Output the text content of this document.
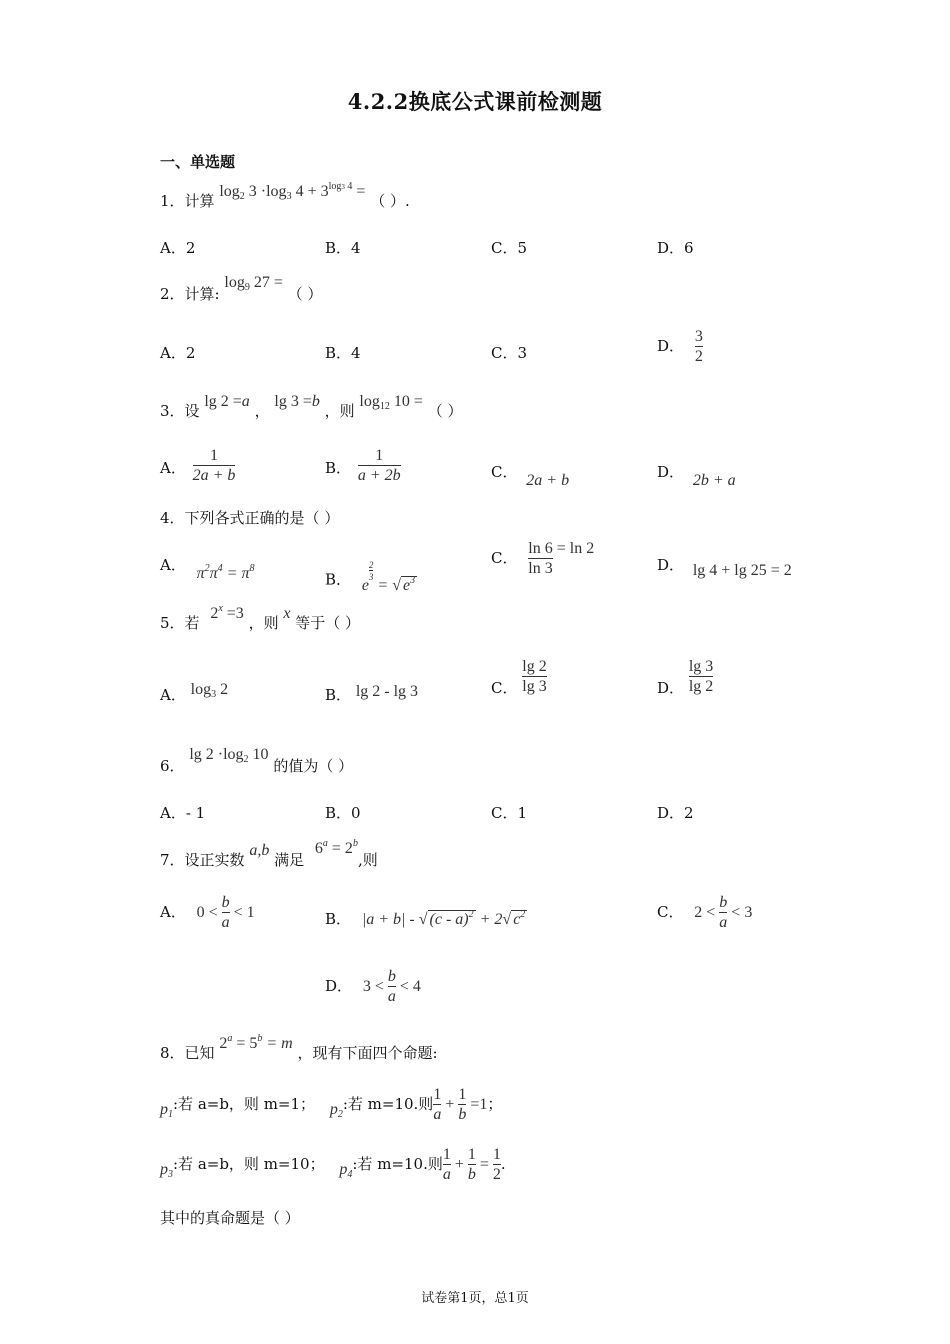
4.2.2换底公式课前检测题
一、单选题
1．计算 $\log_2 3 \cdot\log_3$ $4 + 3^{log3 4}$ = （ ）.
A．2	B．4	C．5	D．6
2．计算: $\log_9 27$ = （ ）
A．2	B．4	C．3	D． $\frac{3}{2}$
3．设 lg 2 =a ， lg 3 =b ，则 $\log_{12} 10$ = （ ）
A． $\frac{1}{2a + b}$	B． $\frac{1}{a + 2b}$	C． 2a + b	D． 2b + a
4．下列各式正确的是（ ）
A． $\pi^2\pi^4 = \pi^8$
B． e
$\frac{2}{3}$
= √ $e^3$
C． $\frac{\ln 6}{\ln 3} = \ln 2$
D． lg 4 + lg 25 = 2
5．若 $2^x =3$ ，则 x 等于（ ）
A． $\log_3 2$	B． lg 2 - lg 3	C． $\frac{\lg 2}{\lg 3}$	D． $\frac{\lg 3}{\lg 2}$
6． $\lg 2 \cdot\log_2$ 10 的值为（ ）
A．- 1	B．0	C．1	D．2
7．设正实数 a,b 满足 $6^a = 2^b$,则
A． $0 < \frac{b}{a} < 1$	B． |a + b| - √ (c - a)$^2$ + 2√ $c^2$	C． $2 < \frac{b}{a} < 3$
D． $3 < \frac{b}{a} < 4$
8．已知 $2^a = 5^b = m$ ，现有下面四个命题:
$p_1$:若 a=b，则 m=1； $p_2$:若 m=10.则 $\frac{1}{a} + \frac{1}{b} =1$；
$p_3$:若 a=b，则 m=10； $p_4$:若 m=10.则 $\frac{1}{a} + \frac{1}{b} = \frac{1}{2}$ .
其中的真命题是（ ）
试卷第1页，总1页
